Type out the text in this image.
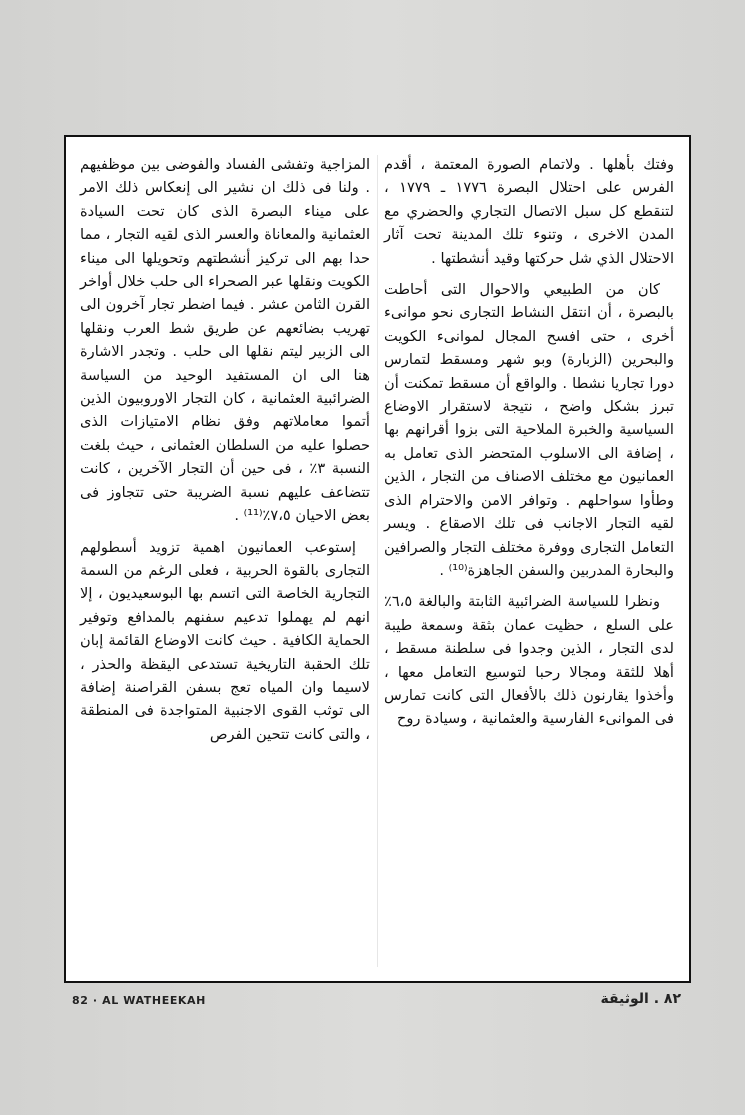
وفتك بأهلها . ولاتمام الصورة المعتمة ، أقدم الفرس على احتلال البصرة ١٧٧٦ ـ ١٧٧٩ ، لتنقطع كل سبل الاتصال التجاري والحضري مع المدن الاخرى ، وتنوء تلك المدينة تحت آثار الاحتلال الذي شل حركتها وقيد أنشطتها .

كان من الطبيعي والاحوال التى أحاطت بالبصرة ، أن انتقل النشاط التجارى نحو موانىء أخرى ، حتى افسح المجال لموانىء الكويت والبحرين (الزبارة) وبو شهر ومسقط لتمارس دورا تجاريا نشطا . والواقع أن مسقط تمكنت أن تبرز بشكل واضح ، نتيجة لاستقرار الاوضاع السياسية والخبرة الملاحية التى بزوا أقرانهم بها ، إضافة الى الاسلوب المتحضر الذى تعامل به العمانيون مع مختلف الاصناف من التجار ، الذين وطأوا سواحلهم . وتوافر الامن والاحترام الذى لقيه التجار الاجانب فى تلك الاصقاع . ويسر التعامل التجارى ووفرة مختلف التجار والصرافين والبحارة المدربين والسفن الجاهزة⁽¹⁰⁾ .

ونظرا للسياسة الضرائبية الثابتة والبالغة ٦،٥٪ على السلع ، حظيت عمان بثقة وسمعة طيبة لدى التجار ، الذين وجدوا فى سلطنة مسقط ، أهلا للثقة ومجالا رحبا لتوسيع التعامل معها ، وأخذوا يقارنون ذلك بالأفعال التى كانت تمارس فى الموانىء الفارسية والعثمانية ، وسيادة روح

المزاجية وتفشى الفساد والفوضى بين موظفيهم . ولنا فى ذلك ان نشير الى إنعكاس ذلك الامر على ميناء البصرة الذى كان تحت السيادة العثمانية والمعاناة والعسر الذى لقيه التجار ، مما حدا بهم الى تركيز أنشطتهم وتحويلها الى ميناء الكويت ونقلها عبر الصحراء الى حلب خلال أواخر القرن الثامن عشر . فيما اضطر تجار آخرون الى تهريب بضائعهم عن طريق شط العرب ونقلها الى الزبير ليتم نقلها الى حلب . وتجدر الاشارة هنا الى ان المستفيد الوحيد من السياسة الضرائبية العثمانية ، كان التجار الاوروبيون الذين أتموا معاملاتهم وفق نظام الامتيازات الذى حصلوا عليه من السلطان العثمانى ، حيث بلغت النسبة ٣٪ ، فى حين أن التجار الآخرين ، كانت تتضاعف عليهم نسبة الضريبة حتى تتجاوز فى بعض الاحيان ٧،٥٪⁽¹¹⁾ .

إستوعب العمانيون اهمية تزويد أسطولهم التجارى بالقوة الحربية ، فعلى الرغم من السمة التجارية الخاصة التى اتسم بها البوسعيديون ، إلا انهم لم يهملوا تدعيم سفنهم بالمدافع وتوفير الحماية الكافية . حيث كانت الاوضاع القائمة إبان تلك الحقبة التاريخية تستدعى اليقظة والحذر ، لاسيما وان المياه تعج بسفن القراصنة إضافة الى توثب القوى الاجنبية المتواجدة فى المنطقة ، والتى كانت تتحين الفرص

82 · AL WATHEEKAH	٨٢ . الوثيقة
